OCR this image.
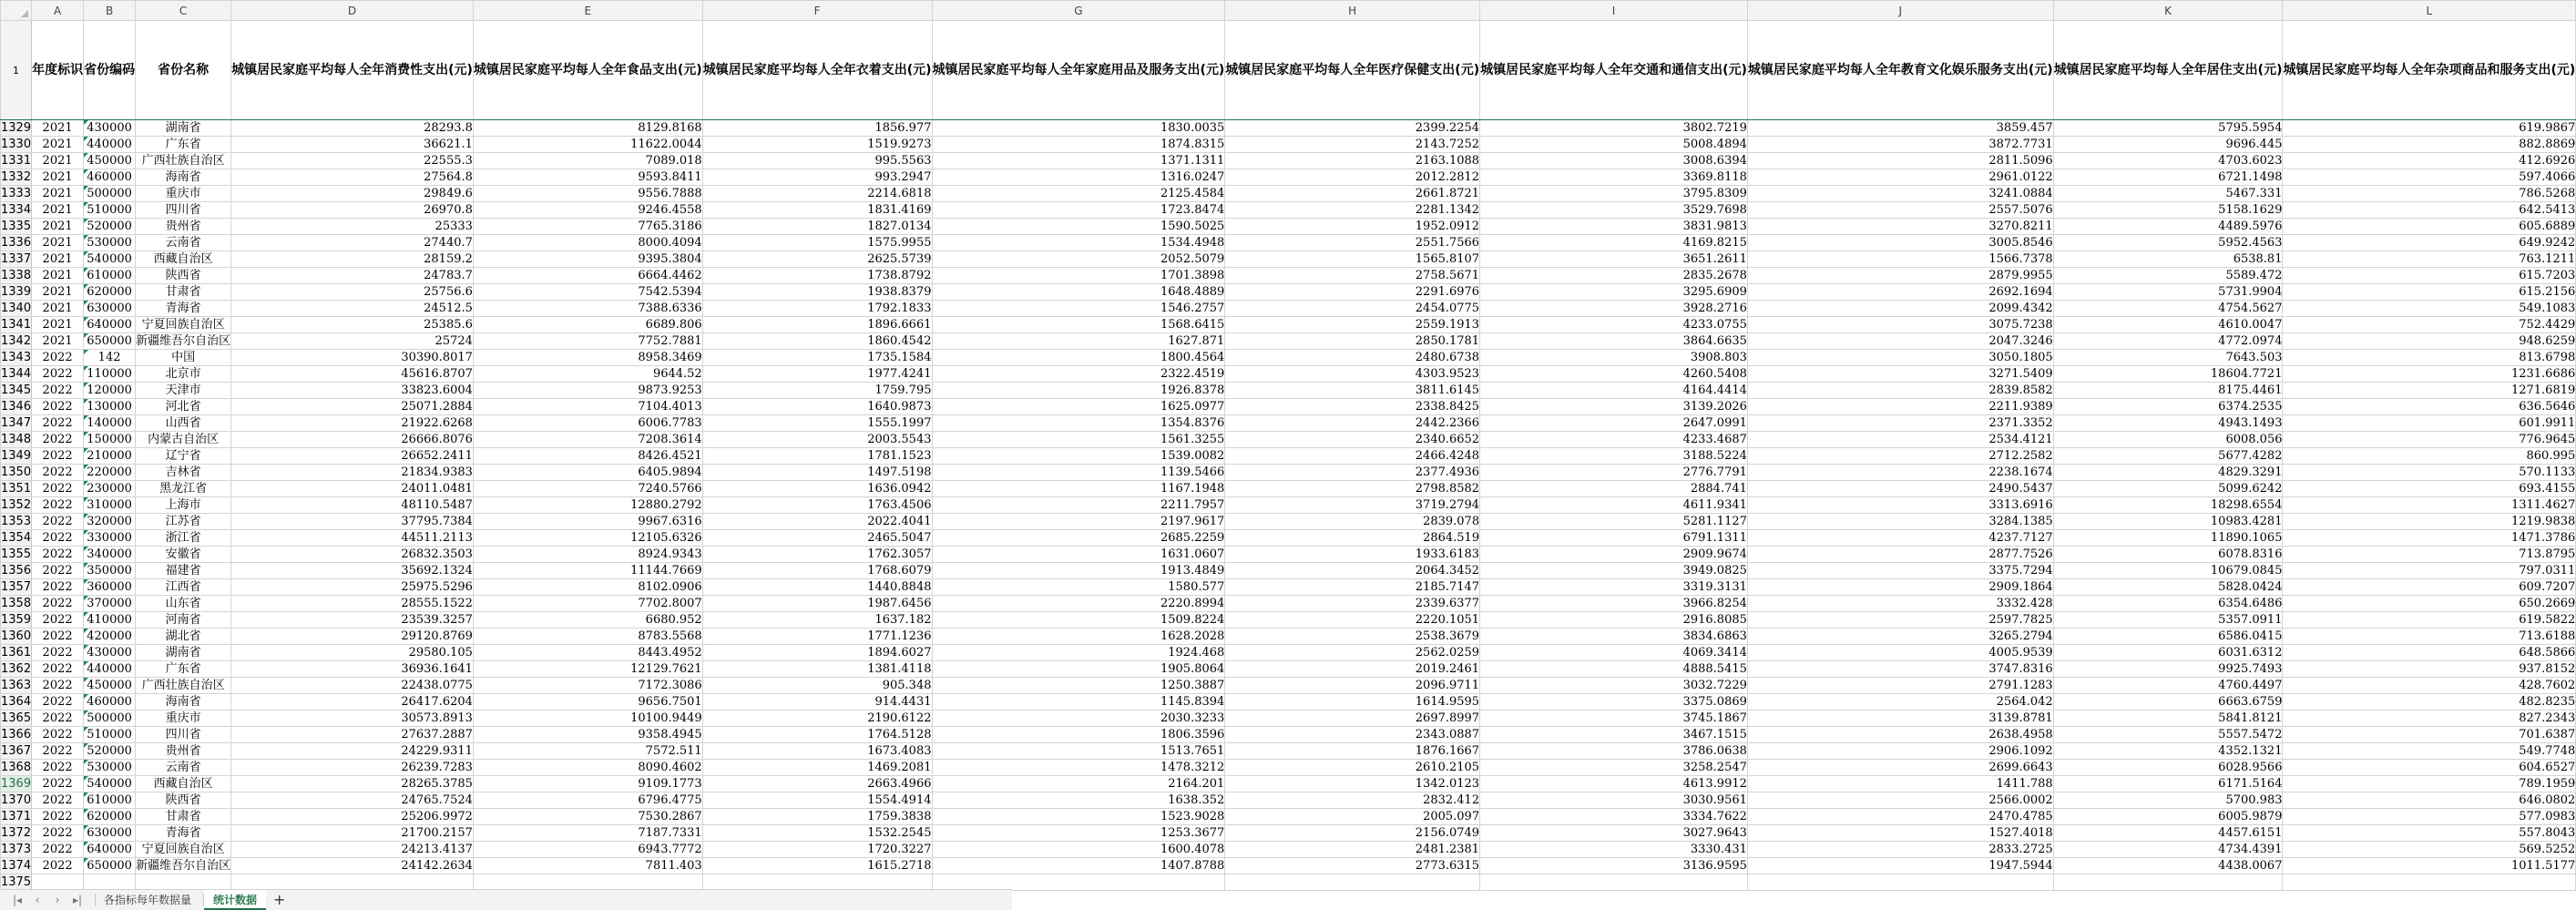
	A	B	C	D	E	F	G	H	I	J	K	L
1	年度标识	省份编码	省份名称	城镇居民家庭平均每人全年消费性支出(元)	城镇居民家庭平均每人全年食品支出(元)	城镇居民家庭平均每人全年衣着支出(元)	城镇居民家庭平均每人全年家庭用品及服务支出(元)	城镇居民家庭平均每人全年医疗保健支出(元)	城镇居民家庭平均每人全年交通和通信支出(元)	城镇居民家庭平均每人全年教育文化娱乐服务支出(元)	城镇居民家庭平均每人全年居住支出(元)	城镇居民家庭平均每人全年杂项商品和服务支出(元)
1329	2021	430000	湖南省	28293.8	8129.8168	1856.977	1830.0035	2399.2254	3802.7219	3859.457	5795.5954	619.9867
1330	2021	440000	广东省	36621.1	11622.0044	1519.9273	1874.8315	2143.7252	5008.4894	3872.7731	9696.445	882.8869
1331	2021	450000	广西壮族自治区	22555.3	7089.018	995.5563	1371.1311	2163.1088	3008.6394	2811.5096	4703.6023	412.6926
1332	2021	460000	海南省	27564.8	9593.8411	993.2947	1316.0247	2012.2812	3369.8118	2961.0122	6721.1498	597.4066
1333	2021	500000	重庆市	29849.6	9556.7888	2214.6818	2125.4584	2661.8721	3795.8309	3241.0884	5467.331	786.5268
1334	2021	510000	四川省	26970.8	9246.4558	1831.4169	1723.8474	2281.1342	3529.7698	2557.5076	5158.1629	642.5413
1335	2021	520000	贵州省	25333	7765.3186	1827.0134	1590.5025	1952.0912	3831.9813	3270.8211	4489.5976	605.6889
1336	2021	530000	云南省	27440.7	8000.4094	1575.9955	1534.4948	2551.7566	4169.8215	3005.8546	5952.4563	649.9242
1337	2021	540000	西藏自治区	28159.2	9395.3804	2625.5739	2052.5079	1565.8107	3651.2611	1566.7378	6538.81	763.1211
1338	2021	610000	陕西省	24783.7	6664.4462	1738.8792	1701.3898	2758.5671	2835.2678	2879.9955	5589.472	615.7203
1339	2021	620000	甘肃省	25756.6	7542.5394	1938.8379	1648.4889	2291.6976	3295.6909	2692.1694	5731.9904	615.2156
1340	2021	630000	青海省	24512.5	7388.6336	1792.1833	1546.2757	2454.0775	3928.2716	2099.4342	4754.5627	549.1083
1341	2021	640000	宁夏回族自治区	25385.6	6689.806	1896.6661	1568.6415	2559.1913	4233.0755	3075.7238	4610.0047	752.4429
1342	2021	650000	新疆维吾尔自治区	25724	7752.7881	1860.4542	1627.871	2850.1781	3864.6635	2047.3246	4772.0974	948.6259
1343	2022	142	中国	30390.8017	8958.3469	1735.1584	1800.4564	2480.6738	3908.803	3050.1805	7643.503	813.6798
1344	2022	110000	北京市	45616.8707	9644.52	1977.4241	2322.4519	4303.9523	4260.5408	3271.5409	18604.7721	1231.6686
1345	2022	120000	天津市	33823.6004	9873.9253	1759.795	1926.8378	3811.6145	4164.4414	2839.8582	8175.4461	1271.6819
1346	2022	130000	河北省	25071.2884	7104.4013	1640.9873	1625.0977	2338.8425	3139.2026	2211.9389	6374.2535	636.5646
1347	2022	140000	山西省	21922.6268	6006.7783	1555.1997	1354.8376	2442.2366	2647.0991	2371.3352	4943.1493	601.9911
1348	2022	150000	内蒙古自治区	26666.8076	7208.3614	2003.5543	1561.3255	2340.6652	4233.4687	2534.4121	6008.056	776.9645
1349	2022	210000	辽宁省	26652.2411	8426.4521	1781.1523	1539.0082	2466.4248	3188.5224	2712.2582	5677.4282	860.995
1350	2022	220000	吉林省	21834.9383	6405.9894	1497.5198	1139.5466	2377.4936	2776.7791	2238.1674	4829.3291	570.1133
1351	2022	230000	黑龙江省	24011.0481	7240.5766	1636.0942	1167.1948	2798.8582	2884.741	2490.5437	5099.6242	693.4155
1352	2022	310000	上海市	48110.5487	12880.2792	1763.4506	2211.7957	3719.2794	4611.9341	3313.6916	18298.6554	1311.4627
1353	2022	320000	江苏省	37795.7384	9967.6316	2022.4041	2197.9617	2839.078	5281.1127	3284.1385	10983.4281	1219.9838
1354	2022	330000	浙江省	44511.2113	12105.6326	2465.5047	2685.2259	2864.519	6791.1311	4237.7127	11890.1065	1471.3786
1355	2022	340000	安徽省	26832.3503	8924.9343	1762.3057	1631.0607	1933.6183	2909.9674	2877.7526	6078.8316	713.8795
1356	2022	350000	福建省	35692.1324	11144.7669	1768.6079	1913.4849	2064.3452	3949.0825	3375.7294	10679.0845	797.0311
1357	2022	360000	江西省	25975.5296	8102.0906	1440.8848	1580.577	2185.7147	3319.3131	2909.1864	5828.0424	609.7207
1358	2022	370000	山东省	28555.1522	7702.8007	1987.6456	2220.8994	2339.6377	3966.8254	3332.428	6354.6486	650.2669
1359	2022	410000	河南省	23539.3257	6680.952	1637.182	1509.8224	2220.1051	2916.8085	2597.7825	5357.0911	619.5822
1360	2022	420000	湖北省	29120.8769	8783.5568	1771.1236	1628.2028	2538.3679	3834.6863	3265.2794	6586.0415	713.6188
1361	2022	430000	湖南省	29580.105	8443.4952	1894.6027	1924.468	2562.0259	4069.3414	4005.9539	6031.6312	648.5866
1362	2022	440000	广东省	36936.1641	12129.7621	1381.4118	1905.8064	2019.2461	4888.5415	3747.8316	9925.7493	937.8152
1363	2022	450000	广西壮族自治区	22438.0775	7172.3086	905.348	1250.3887	2096.9711	3032.7229	2791.1283	4760.4497	428.7602
1364	2022	460000	海南省	26417.6204	9656.7501	914.4431	1145.8394	1614.9595	3375.0869	2564.042	6663.6759	482.8235
1365	2022	500000	重庆市	30573.8913	10100.9449	2190.6122	2030.3233	2697.8997	3745.1867	3139.8781	5841.8121	827.2343
1366	2022	510000	四川省	27637.2887	9358.4945	1764.5128	1806.3596	2343.0887	3467.1515	2638.4958	5557.5472	701.6387
1367	2022	520000	贵州省	24229.9311	7572.511	1673.4083	1513.7651	1876.1667	3786.0638	2906.1092	4352.1321	549.7748
1368	2022	530000	云南省	26239.7283	8090.4602	1469.2081	1478.3212	2610.2105	3258.2547	2699.6643	6028.9566	604.6527
1369	2022	540000	西藏自治区	28265.3785	9109.1773	2663.4966	2164.201	1342.0123	4613.9912	1411.788	6171.5164	789.1959
1370	2022	610000	陕西省	24765.7524	6796.4775	1554.4914	1638.352	2832.412	3030.9561	2566.0002	5700.983	646.0802
1371	2022	620000	甘肃省	25206.9972	7530.2867	1759.3838	1523.9028	2005.097	3334.7622	2470.4785	6005.9879	577.0983
1372	2022	630000	青海省	21700.2157	7187.7331	1532.2545	1253.3677	2156.0749	3027.9643	1527.4018	4457.6151	557.8043
1373	2022	640000	宁夏回族自治区	24213.4137	6943.7772	1720.3227	1600.4078	2481.2381	3330.431	2833.2725	4734.4391	569.5252
1374	2022	650000	新疆维吾尔自治区	24142.2634	7811.403	1615.2718	1407.8788	2773.6315	3136.9595	1947.5944	4438.0067	1011.5177
1375												
|◂	‹	›	▸|	各指标每年数据量	统计数据	+
